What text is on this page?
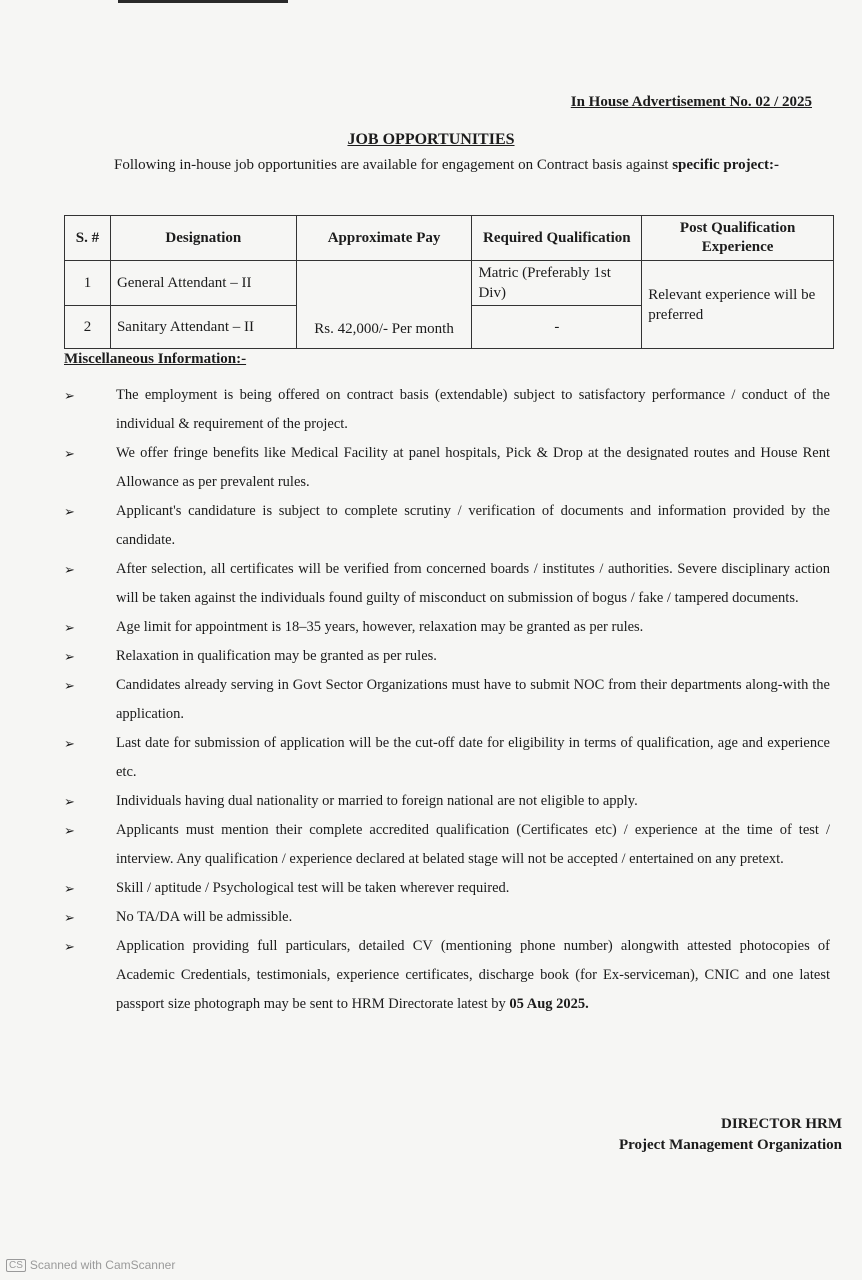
In House Advertisement No. 02 / 2025
JOB OPPORTUNITIES
Following in-house job opportunities are available for engagement on Contract basis against specific project:-
S. #	Designation	Approximate Pay	Required Qualification	Post Qualification Experience
1	General Attendant – II	Rs. 42,000/- Per month	Matric (Preferably 1st Div)	Relevant experience will be preferred
2	Sanitary Attendant – II		-	
Miscellaneous Information:-
➢	The employment is being offered on contract basis (extendable) subject to satisfactory performance / conduct of the individual & requirement of the project.
➢	We offer fringe benefits like Medical Facility at panel hospitals, Pick & Drop at the designated routes and House Rent Allowance as per prevalent rules.
➢	Applicant's candidature is subject to complete scrutiny / verification of documents and information provided by the candidate.
➢	After selection, all certificates will be verified from concerned boards / institutes / authorities. Severe disciplinary action will be taken against the individuals found guilty of misconduct on submission of bogus / fake / tampered documents.
➢	Age limit for appointment is 18–35 years, however, relaxation may be granted as per rules.
➢	Relaxation in qualification may be granted as per rules.
➢	Candidates already serving in Govt Sector Organizations must have to submit NOC from their departments along-with the application.
➢	Last date for submission of application will be the cut-off date for eligibility in terms of qualification, age and experience etc.
➢	Individuals having dual nationality or married to foreign national are not eligible to apply.
➢	Applicants must mention their complete accredited qualification (Certificates etc) / experience at the time of test / interview. Any qualification / experience declared at belated stage will not be accepted / entertained on any pretext.
➢	Skill / aptitude / Psychological test will be taken wherever required.
➢	No TA/DA will be admissible.
➢	Application providing full particulars, detailed CV (mentioning phone number) alongwith attested photocopies of Academic Credentials, testimonials, experience certificates, discharge book (for Ex-serviceman), CNIC and one latest passport size photograph may be sent to HRM Directorate latest by 05 Aug 2025.
DIRECTOR HRM
Project Management Organization
CS Scanned with CamScanner
